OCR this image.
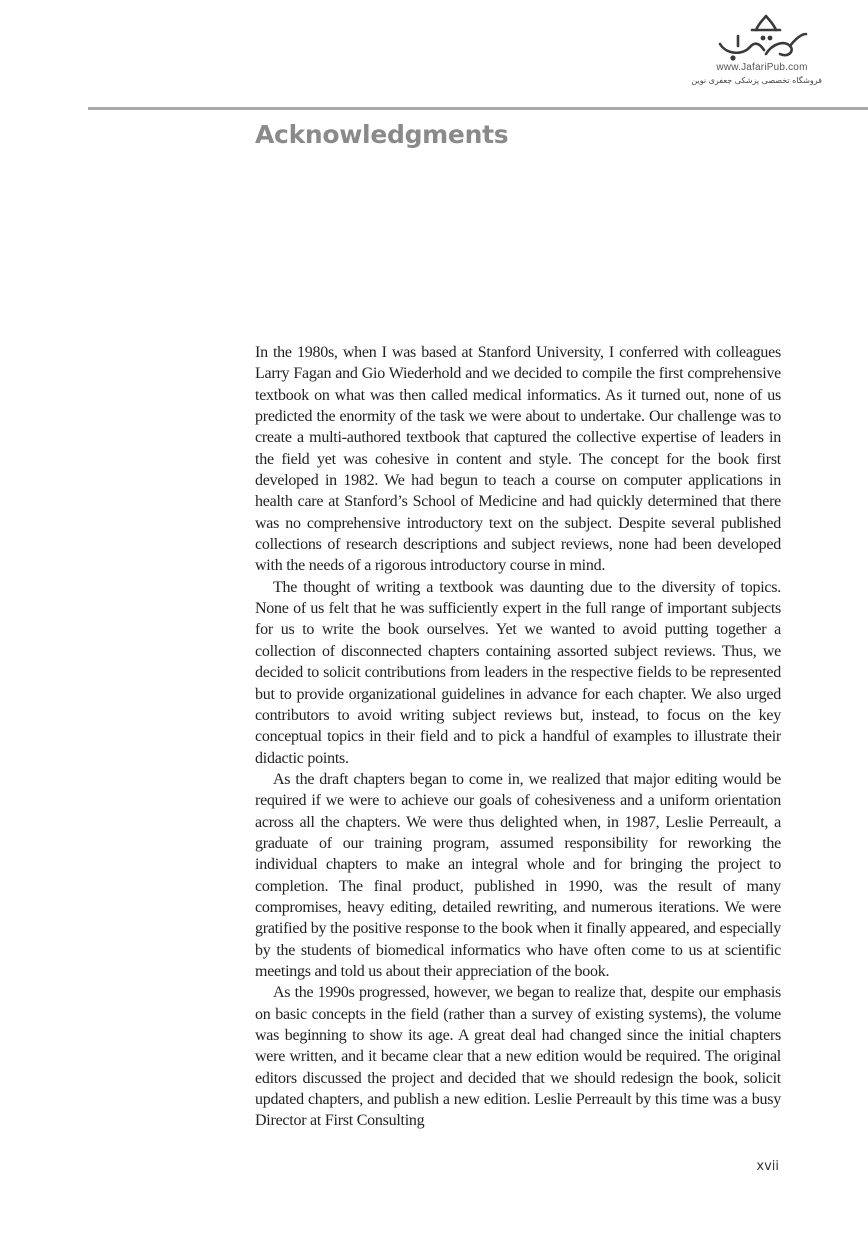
www.JafariPub.com
فروشگاه تخصصی پزشکی جعفری نوین
Acknowledgments

In the 1980s, when I was based at Stanford University, I conferred with colleagues Larry Fagan and Gio Wiederhold and we decided to compile the first comprehensive textbook on what was then called medical informatics. As it turned out, none of us predicted the enormity of the task we were about to undertake. Our challenge was to create a multi-authored textbook that captured the collective expertise of leaders in the field yet was cohesive in content and style. The concept for the book first developed in 1982. We had begun to teach a course on computer applications in health care at Stanford’s School of Medicine and had quickly determined that there was no comprehensive introductory text on the subject. Despite several published collections of research descriptions and subject reviews, none had been developed with the needs of a rigorous introductory course in mind.

The thought of writing a textbook was daunting due to the diversity of topics. None of us felt that he was sufficiently expert in the full range of important subjects for us to write the book ourselves. Yet we wanted to avoid putting together a collection of disconnected chapters containing assorted subject reviews. Thus, we decided to solicit contributions from leaders in the respective fields to be represented but to provide organizational guidelines in advance for each chapter. We also urged contributors to avoid writing subject reviews but, instead, to focus on the key conceptual topics in their field and to pick a handful of examples to illustrate their didactic points.

As the draft chapters began to come in, we realized that major editing would be required if we were to achieve our goals of cohesiveness and a uniform orientation across all the chapters. We were thus delighted when, in 1987, Leslie Perreault, a graduate of our training program, assumed responsibility for reworking the individual chapters to make an integral whole and for bringing the project to completion. The final product, published in 1990, was the result of many compromises, heavy editing, detailed rewriting, and numerous iterations. We were gratified by the positive response to the book when it finally appeared, and especially by the students of biomedical informatics who have often come to us at scientific meetings and told us about their appreciation of the book.

As the 1990s progressed, however, we began to realize that, despite our emphasis on basic concepts in the field (rather than a survey of existing systems), the volume was beginning to show its age. A great deal had changed since the initial chapters were written, and it became clear that a new edition would be required. The original editors discussed the project and decided that we should redesign the book, solicit updated chapters, and publish a new edition. Leslie Perreault by this time was a busy Director at First Consulting

xvii
